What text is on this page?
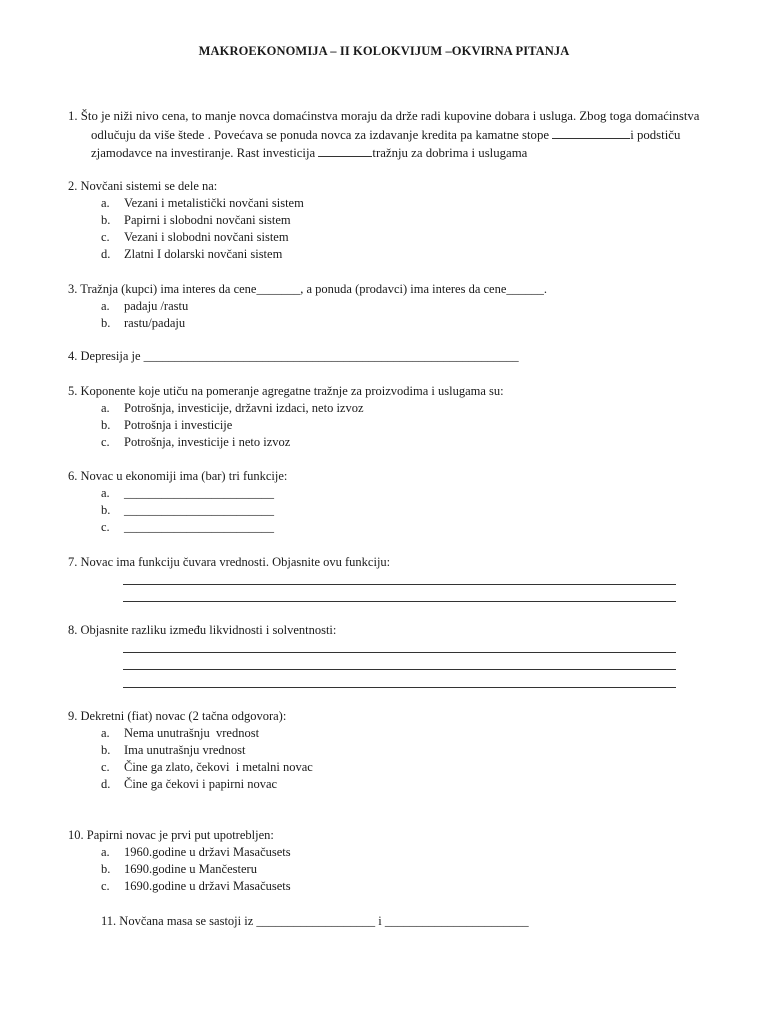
MAKROEKONOMIJA – II KOLOKVIJUM –OKVIRNA PITANJA
1. Što je niži nivo cena, to manje novca domaćinstva moraju da drže radi kupovine dobara i usluga. Zbog toga domaćinstva
odlučuju da više štede . Povećava se ponuda novca za izdavanje kredita pa kamatne stope	i podstiču
zjamodavce na investiranje. Rast investicija	tražnju za dobrima i uslugama
2. Novčani sistemi se dele na:
a. Vezani i metalistički novčani sistem
b. Papirni i slobodni novčani sistem
c. Vezani i slobodni novčani sistem
d. Zlatni I dolarski novčani sistem
3. Tražnja (kupci) ima interes da cene_______, a ponuda (prodavci) ima interes da cene______.
a. padaju /rastu
b. rastu/padaju
4. Depresija je ____________________________________________________________
5. Koponente koje utiču na pomeranje agregatne tražnje za proizvodima i uslugama su:
a. Potrošnja, investicije, državni izdaci, neto izvoz
b. Potrošnja i investicije
c. Potrošnja, investicije i neto izvoz
6. Novac u ekonomiji ima (bar) tri funkcije:
a. ________________________
b. ________________________
c. ________________________
7. Novac ima funkciju čuvara vrednosti. Objasnite ovu funkciju:
8. Objasnite razliku između likvidnosti i solventnosti:
9. Dekretni (fiat) novac (2 tačna odgovora):
a. Nema unutrašnju  vrednost
b. Ima unutrašnju vrednost
c. Čine ga zlato, čekovi  i metalni novac
d. Čine ga čekovi i papirni novac
10. Papirni novac je prvi put upotrebljen:
a. 1960.godine u državi Masačusets
b. 1690.godine u Mančesteru
c. 1690.godine u državi Masačusets
11. Novčana masa se sastoji iz ___________________ i _______________________
